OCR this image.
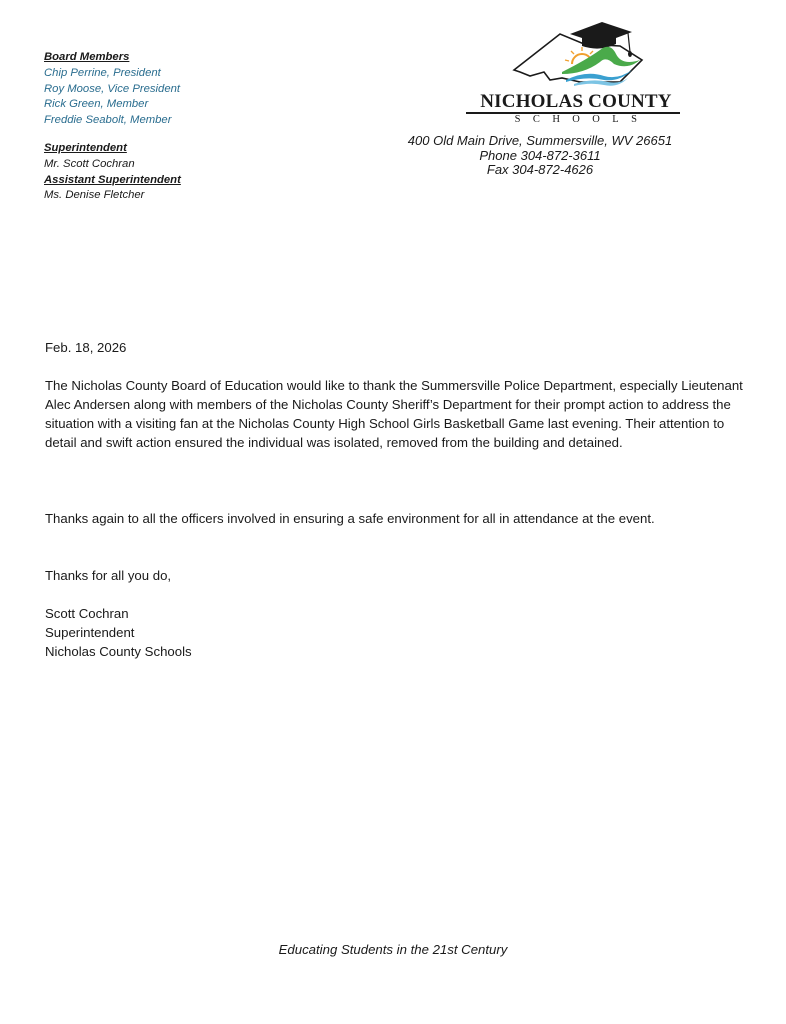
Board Members
Chip Perrine, President
Roy Moose, Vice President
Rick Green, Member
Freddie Seabolt, Member
Superintendent
Mr. Scott Cochran
Assistant Superintendent
Ms. Denise Fletcher
NICHOLAS COUNTY
SCHOOLS
400 Old Main Drive, Summersville, WV 26651
Phone 304-872-3611
Fax 304-872-4626

Feb. 18, 2026

The Nicholas County Board of Education would like to thank the Summersville Police Department, especially Lieutenant Alec Andersen along with members of the Nicholas County Sheriff’s Department for their prompt action to address the situation with a visiting fan at the Nicholas County High School Girls Basketball Game last evening. Their attention to detail and swift action ensured the individual was isolated, removed from the building and detained.

Thanks again to all the officers involved in ensuring a safe environment for all in attendance at the event.

Thanks for all you do,

Scott Cochran
Superintendent
Nicholas County Schools
Educating Students in the 21st Century
